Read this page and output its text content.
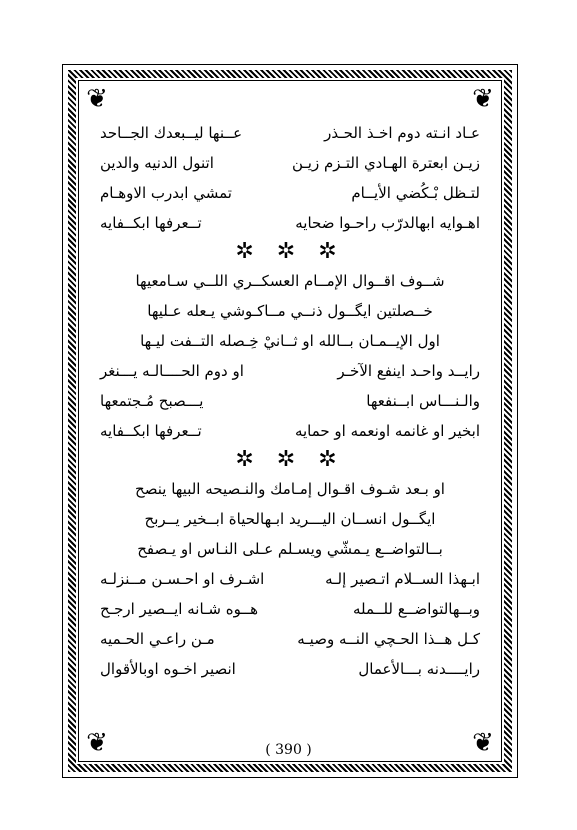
❦	❦
❦	❦
عـاد انـته دوم اخـذ الحـذر
عــنها ليــبعدك الجــاحد
زيـن ابعترة الهـادي التـزم زيـن
اتنول الدنيه والدين
لتـظل بْـكُضي الأيــام
تمشي ابدرب الاوهـام
اهـوايه ابهالدرّب راحـوا ضحايه
تــعرفها ابكــفايه
✲ ✲ ✲
شــوف اقــوال الإمــام العسكــري اللــي سـامعيها
خــصلتين ايگــول ذنــي مــاكـوشي يـعله عـليها
اول الإيــمـان بــالله او ثــانيْ خِـصله التــفت ليـها
رايــد واحـد اينفع الآخـر
او دوم الحــــالـه يـــنغر
والـنـــاس ابــنفعها
يـــصبح مُـجتمعها
ابخير او غانمه اونعمه او حمايه
تــعرفها ابكــفايه
✲ ✲ ✲
او بـعد شـوف اقـوال إمـامك والنـصيحه البيها ينصح
ايگــول انســان اليـــريد ابـهالحياة ابــخير يــربح
بــالتواضــع يـمشّي ويسـلم عـلى النـاس او يـصفح
ابـهذا الســلام اتـصير إلـه
اشـرف او احـسـن مــنزلـه
وبــهالتواضــع للــمله
هــوه شـانه ايــصير ارجـح
كـل هــذا الحـچي النــه وصيـه
مـن راعـي الحـميه
رايــــدنه بـــالأعمال
انصير اخـوه اوبالأقوال
( 390 )
